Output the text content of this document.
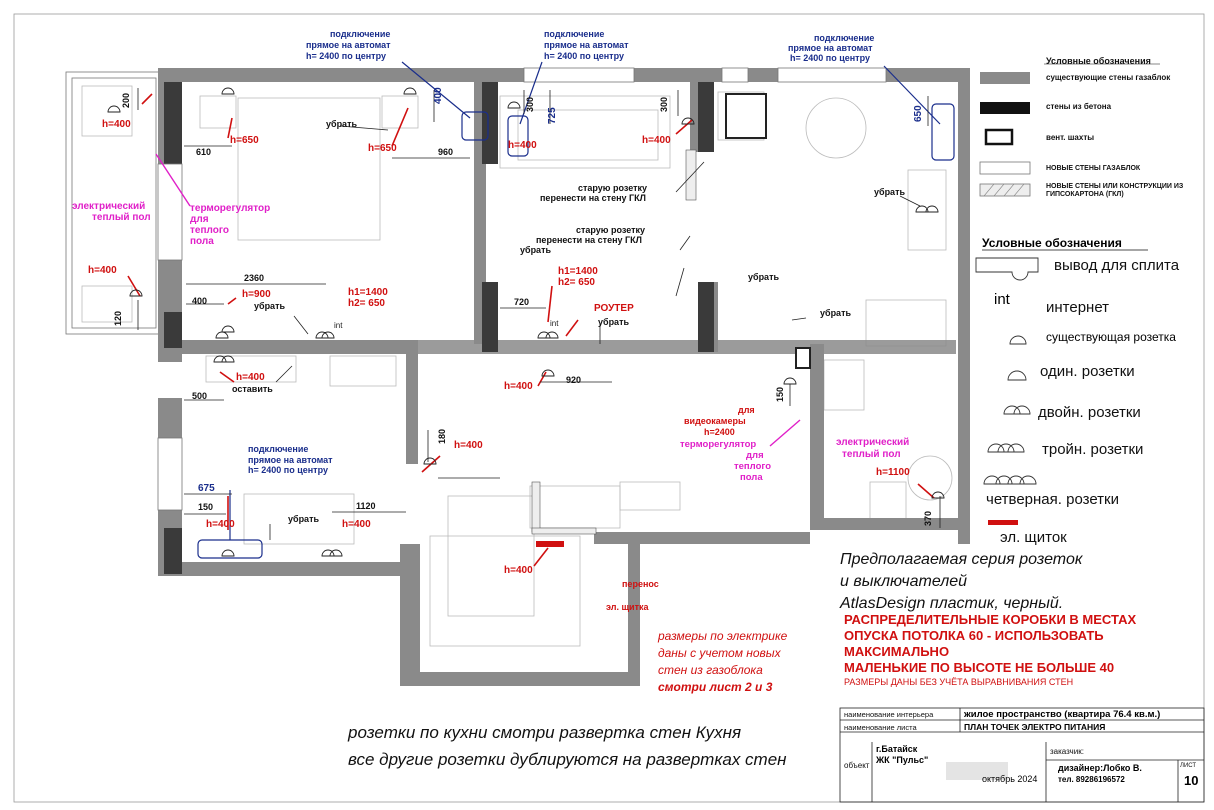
подключение
прямое на автомат
h= 2400 по центру
подключение
прямое на автомат
h= 2400 по центру
подключение
прямое на автомат
h= 2400 по центру
подключение
прямое на автомат
h= 2400 по центру
400
725	650
675
200
610	960
300	300
2360
400	720
120
500
920
180
150
150	1120
370
h=400
h=650
h=650	h=400	h=400
h=400
h=900	h1=1400
h2= 650
h1=1400
h2= 650
h=400
h=400
h=400
h=400	h=400
h=400
h=1100
h=2400
РОУТЕР
для
видеокамеры
перенос
эл. щитка
убрать
убрать
убрать
убрать
убрать
убрать
убрать
убрать
оставить
int	int
старую розетку
перенести на стену ГКЛ
старую розетку
перенести на стену ГКЛ
электрический
теплый пол
терморегулятор
для
теплого
пола
терморегулятор
для
теплого
пола
электрический
теплый пол
Условные обозначения
существующие стены газаблок
стены из бетона
вент. шахты
НОВЫЕ СТЕНЫ ГАЗАБЛОК
НОВЫЕ СТЕНЫ ИЛИ КОНСТРУКЦИИ ИЗ ГИПСОКАРТОНА (ГКЛ)
Условные обозначения
вывод для сплита
int интернет
существующая розетка
один. розетки
двойн. розетки
тройн. розетки
четверная. розетки
эл. щиток
Предполагаемая серия розеток
и выключателей
AtlasDesign пластик, черный.
РАСПРЕДЕЛИТЕЛЬНЫЕ КОРОБКИ В МЕСТАХ
ОПУСКА ПОТОЛКА 60 - ИСПОЛЬЗОВАТЬ
МАКСИМАЛЬНО
МАЛЕНЬКИЕ ПО ВЫСОТЕ НЕ БОЛЬШЕ 40
РАЗМЕРЫ ДАНЫ БЕЗ УЧЁТА ВЫРАВНИВАНИЯ СТЕН
размеры по электрике
даны с учетом новых
стен из газоблока
смотри лист 2 и 3
розетки по кухни смотри развертка стен Кухня
все другие розетки дублируются на развертках стен
наименование интерьера	жилое пространство (квартира 76.4 кв.м.)
наименование листа	ПЛАН ТОЧЕК ЭЛЕКТРО ПИТАНИЯ
объект
г.Батайск
ЖК "Пульс"
октябрь 2024
заказчик:
дизайнер:Лобко В.
тел. 89286196572
ЛИСТ
10
